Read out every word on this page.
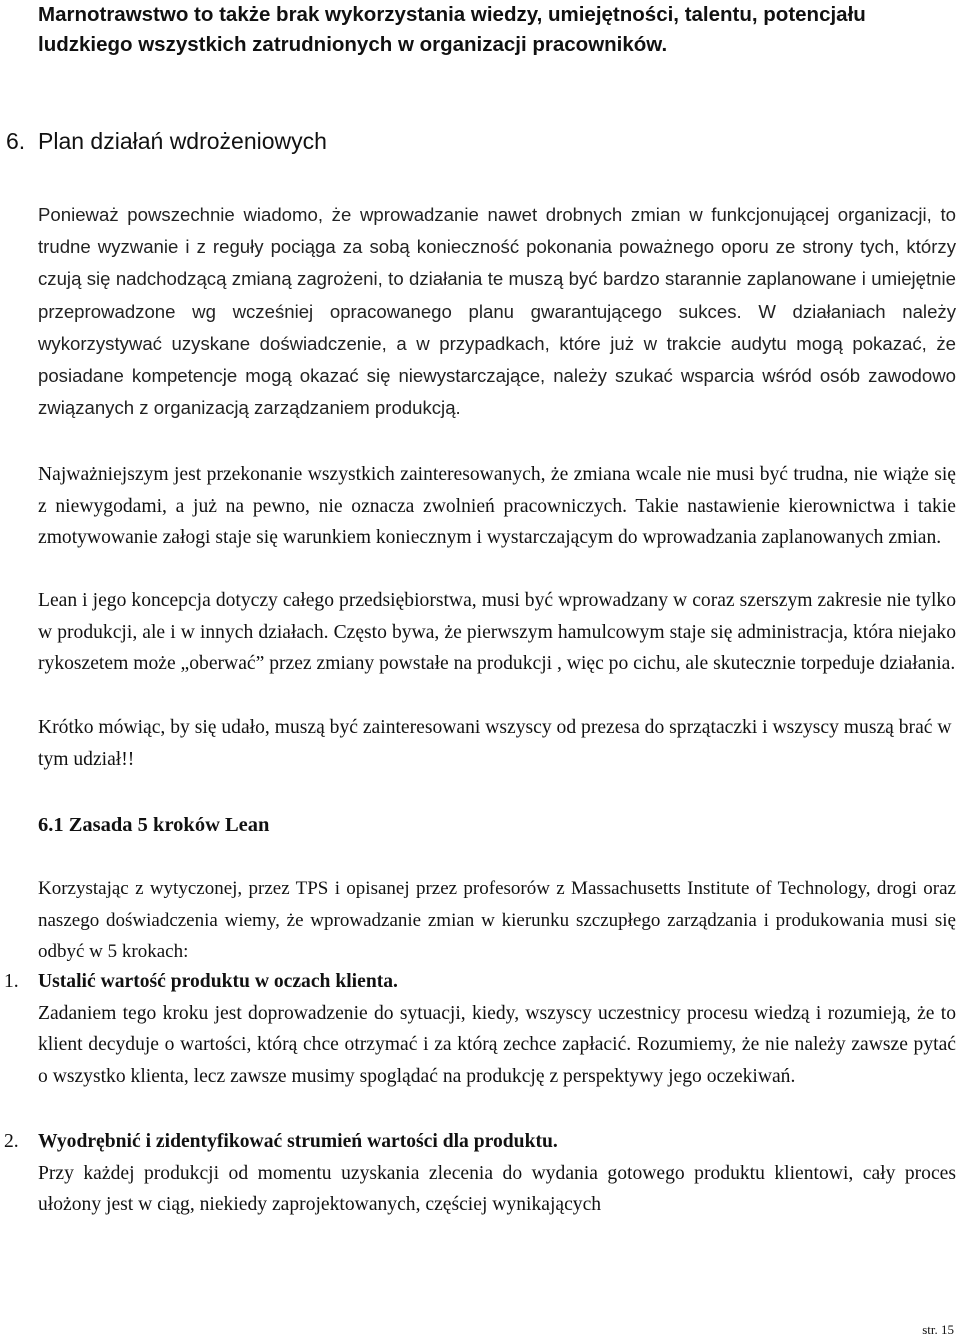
Marnotrawstwo to także brak wykorzystania wiedzy, umiejętności, talentu, potencjału ludzkiego wszystkich zatrudnionych w organizacji pracowników.

6. Plan działań wdrożeniowych

Ponieważ powszechnie wiadomo, że wprowadzanie nawet drobnych zmian w funkcjonującej organizacji, to trudne wyzwanie i z reguły pociąga za sobą konieczność pokonania poważnego oporu ze strony tych, którzy czują się nadchodzącą zmianą zagrożeni, to działania te muszą być bardzo starannie zaplanowane i umiejętnie przeprowadzone wg wcześniej opracowanego planu gwarantującego sukces. W działaniach należy wykorzystywać uzyskane doświadczenie, a w przypadkach, które już w trakcie audytu mogą pokazać, że posiadane kompetencje mogą okazać się niewystarczające, należy szukać wsparcia wśród osób zawodowo związanych z organizacją zarządzaniem produkcją.

Najważniejszym jest przekonanie wszystkich zainteresowanych, że zmiana wcale nie musi być trudna, nie wiąże się z niewygodami, a już na pewno, nie oznacza zwolnień pracowniczych. Takie nastawienie kierownictwa i takie zmotywowanie załogi staje się warunkiem koniecznym i wystarczającym do wprowadzania zaplanowanych zmian.

Lean i jego koncepcja dotyczy całego przedsiębiorstwa, musi być wprowadzany w coraz szerszym zakresie nie tylko w produkcji, ale i w innych działach. Często bywa, że pierwszym hamulcowym staje się administracja, która niejako rykoszetem może „oberwać” przez zmiany powstałe na produkcji , więc po cichu, ale skutecznie torpeduje działania.

Krótko mówiąc, by się udało, muszą być zainteresowani wszyscy od prezesa do sprzątaczki i wszyscy muszą brać w tym udział!!

6.1 Zasada 5 kroków Lean

Korzystając z wytyczonej, przez TPS i opisanej przez profesorów z Massachusetts Institute of Technology, drogi oraz naszego doświadczenia wiemy, że wprowadzanie zmian w kierunku szczupłego zarządzania i produkowania musi się odbyć w 5 krokach:

1. Ustalić wartość produktu w oczach klienta.

Zadaniem tego kroku jest doprowadzenie do sytuacji, kiedy, wszyscy uczestnicy procesu wiedzą i rozumieją, że to klient decyduje o wartości, którą chce otrzymać i za którą zechce zapłacić. Rozumiemy, że nie należy zawsze pytać o wszystko klienta, lecz zawsze musimy spoglądać na produkcję z perspektywy jego oczekiwań.

2. Wyodrębnić i zidentyfikować strumień wartości dla produktu.

Przy każdej produkcji od momentu uzyskania zlecenia do wydania gotowego produktu klientowi, cały proces ułożony jest w ciąg, niekiedy zaprojektowanych, częściej wynikających

str. 15
